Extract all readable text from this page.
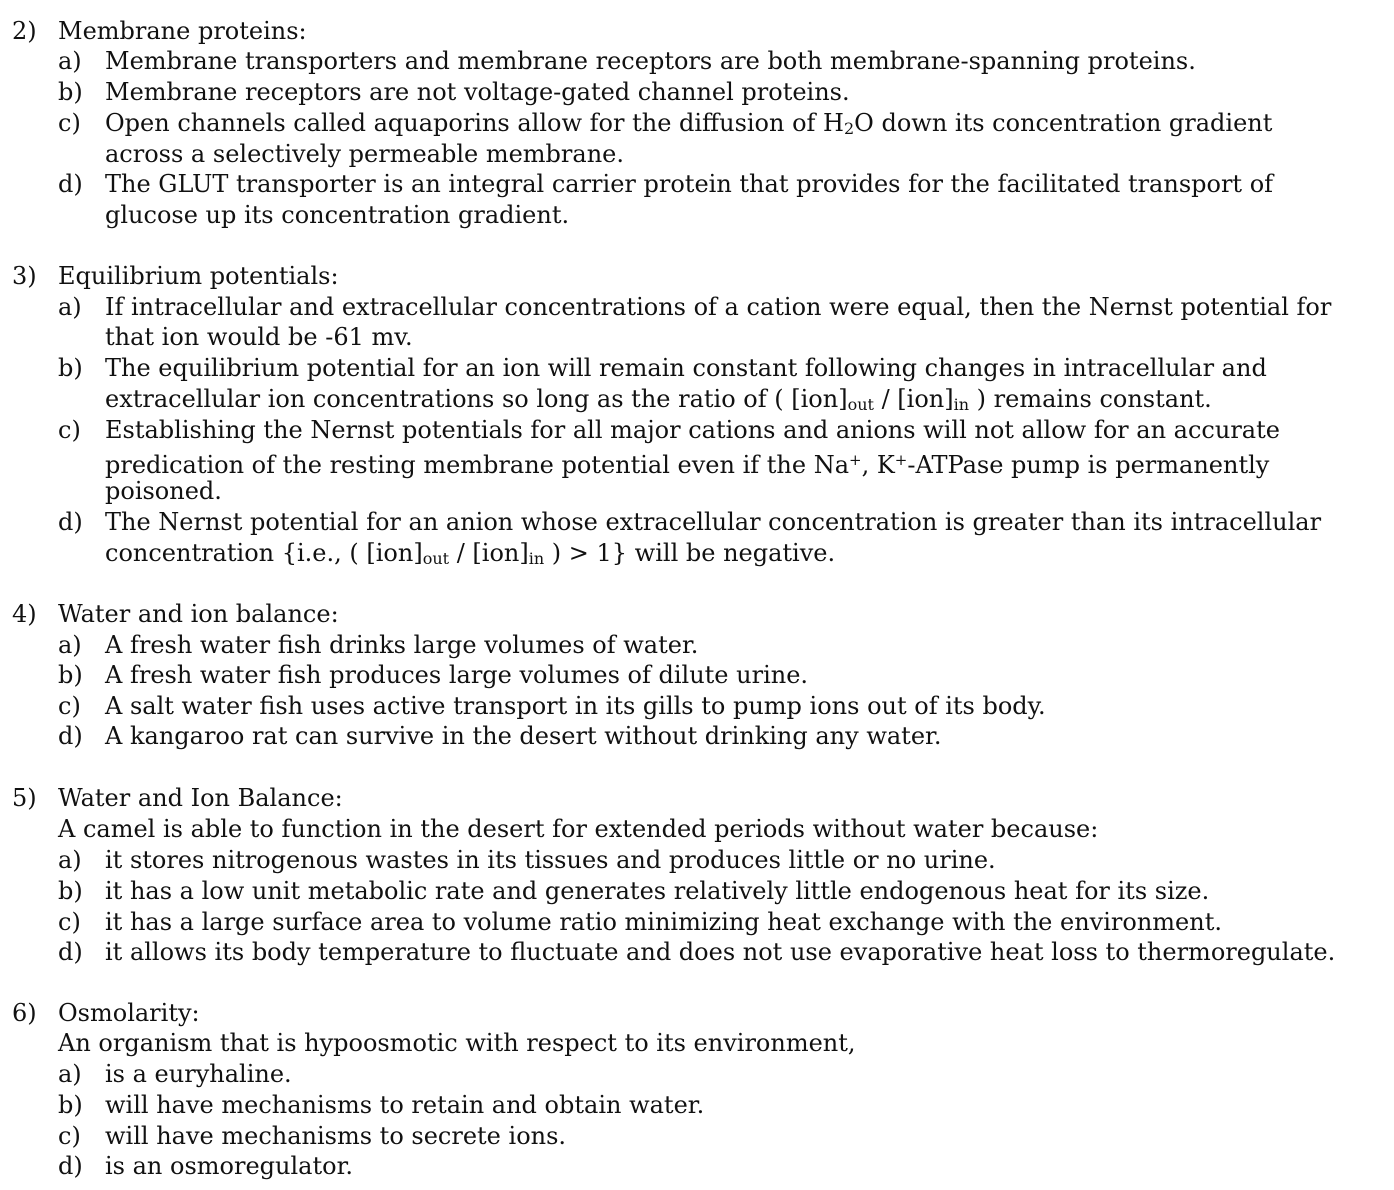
2) Membrane proteins:
a) Membrane transporters and membrane receptors are both membrane-spanning proteins.
b) Membrane receptors are not voltage-gated channel proteins.
c) Open channels called aquaporins allow for the diffusion of H2O down its concentration gradient
across a selectively permeable membrane.
d) The GLUT transporter is an integral carrier protein that provides for the facilitated transport of
glucose up its concentration gradient.
3) Equilibrium potentials:
a) If intracellular and extracellular concentrations of a cation were equal, then the Nernst potential for
that ion would be -61 mv.
b) The equilibrium potential for an ion will remain constant following changes in intracellular and
extracellular ion concentrations so long as the ratio of ( [ion]out / [ion]in ) remains constant.
c) Establishing the Nernst potentials for all major cations and anions will not allow for an accurate
predication of the resting membrane potential even if the Na+, K+-ATPase pump is permanently
poisoned.
d) The Nernst potential for an anion whose extracellular concentration is greater than its intracellular
concentration {i.e., ( [ion]out / [ion]in ) > 1} will be negative.
4) Water and ion balance:
a) A fresh water fish drinks large volumes of water.
b) A fresh water fish produces large volumes of dilute urine.
c) A salt water fish uses active transport in its gills to pump ions out of its body.
d) A kangaroo rat can survive in the desert without drinking any water.
5) Water and Ion Balance:
A camel is able to function in the desert for extended periods without water because:
a) it stores nitrogenous wastes in its tissues and produces little or no urine.
b) it has a low unit metabolic rate and generates relatively little endogenous heat for its size.
c) it has a large surface area to volume ratio minimizing heat exchange with the environment.
d) it allows its body temperature to fluctuate and does not use evaporative heat loss to thermoregulate.
6) Osmolarity:
An organism that is hypoosmotic with respect to its environment,
a) is a euryhaline.
b) will have mechanisms to retain and obtain water.
c) will have mechanisms to secrete ions.
d) is an osmoregulator.
